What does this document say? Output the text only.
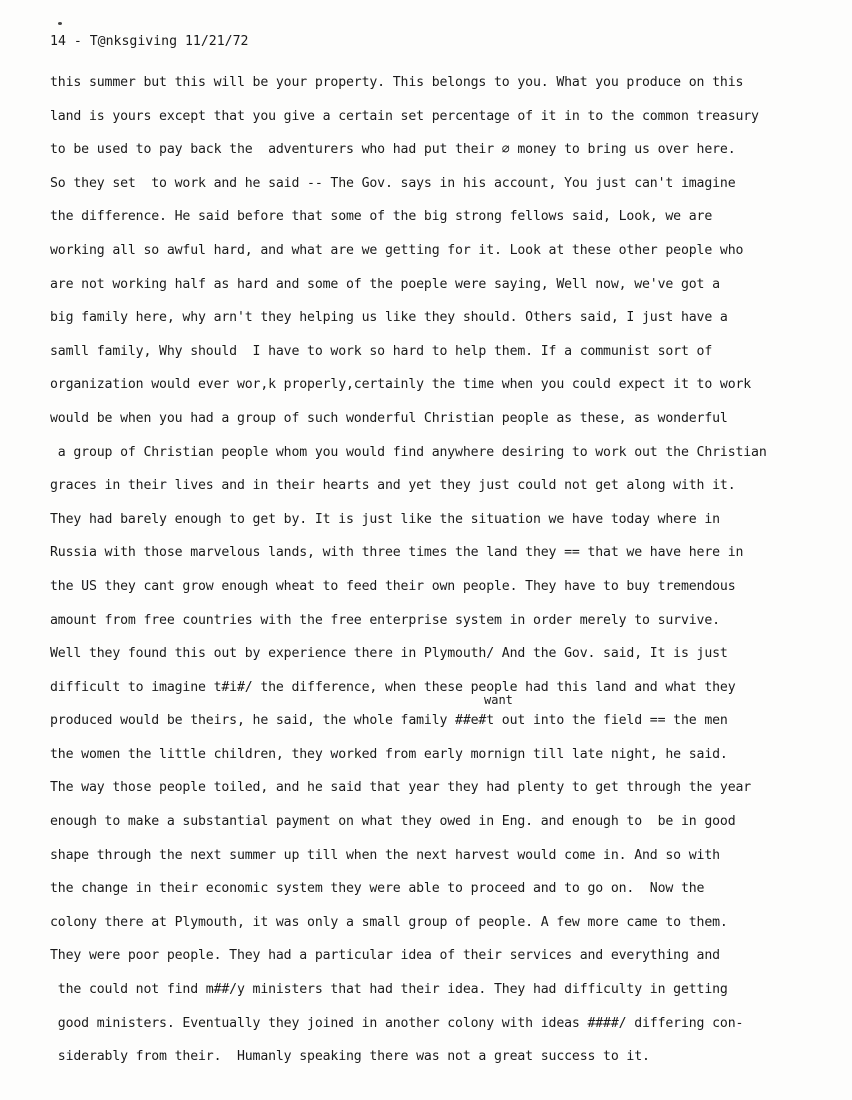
14 - T@nksgiving 11/21/72
want
this summer but this will be your property. This belongs to you. What you produce on this
land is yours except that you give a certain set percentage of it in to the common treasury
to be used to pay back the  adventurers who had put their ∅ money to bring us over here.
So they set  to work and he said -- The Gov. says in his account, You just can't imagine
the difference. He said before that some of the big strong fellows said, Look, we are
working all so awful hard, and what are we getting for it. Look at these other people who
are not working half as hard and some of the poeple were saying, Well now, we've got a
big family here, why arn't they helping us like they should. Others said, I just have a
samll family, Why should  I have to work so hard to help them. If a communist sort of
organization would ever wor,k properly,certainly the time when you could expect it to work
would be when you had a group of such wonderful Christian people as these, as wonderful
a group of Christian people whom you would find anywhere desiring to work out the Christian
graces in their lives and in their hearts and yet they just could not get along with it.
They had barely enough to get by. It is just like the situation we have today where in
Russia with those marvelous lands, with three times the land they == that we have here in
the US they cant grow enough wheat to feed their own people. They have to buy tremendous
amount from free countries with the free enterprise system in order merely to survive.
Well they found this out by experience there in Plymouth/ And the Gov. said, It is just
difficult to imagine t#i#/ the difference, when these people had this land and what they
produced would be theirs, he said, the whole family ##e#t out into the field == the men
the women the little children, they worked from early mornign till late night, he said.
The way those people toiled, and he said that year they had plenty to get through the year
enough to make a substantial payment on what they owed in Eng. and enough to  be in good
shape through the next summer up till when the next harvest would come in. And so with
the change in their economic system they were able to proceed and to go on.  Now the
colony there at Plymouth, it was only a small group of people. A few more came to them.
They were poor people. They had a particular idea of their services and everything and
the could not find m##/y ministers that had their idea. They had difficulty in getting
good ministers. Eventually they joined in another colony with ideas ####/ differing con-
siderably from their.  Humanly speaking there was not a great success to it.
